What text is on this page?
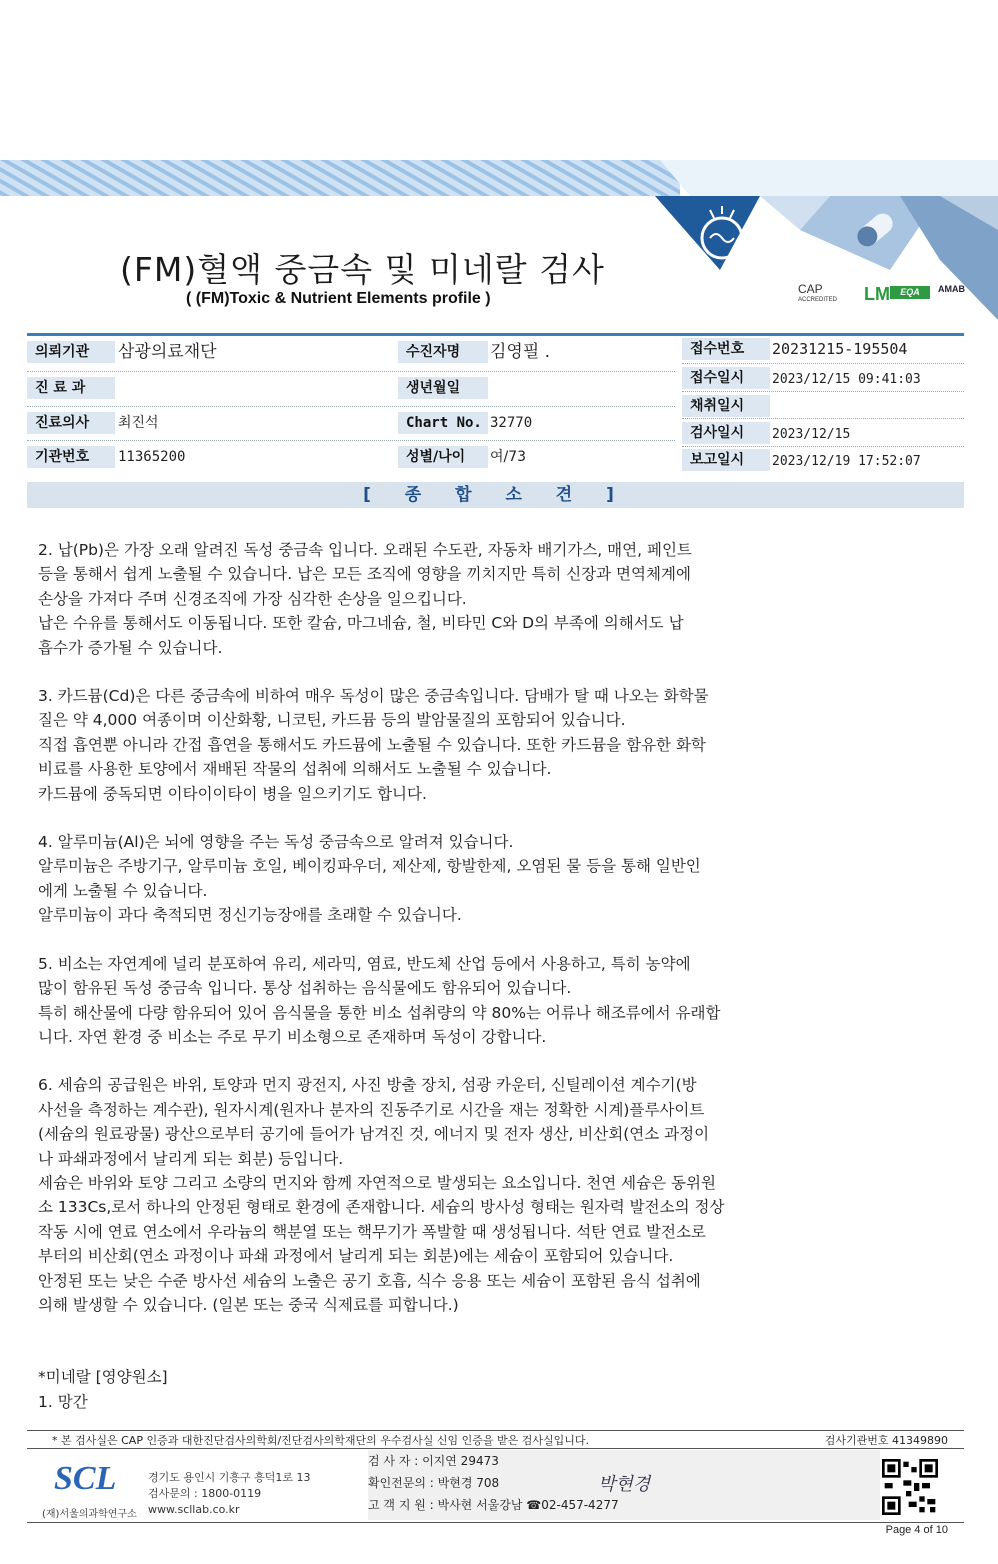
(FM)혈액 중금속 및 미네랄 검사
( (FM)Toxic & Nutrient Elements profile )
CAP
ACCREDITED	LM	EQA	AMAB
의뢰기관	삼광의료재단
진 료 과
진료의사	최진석
기관번호	11365200
수진자명	김영필 .
생년월일
Chart No. 32770
성별/나이	여/73
접수번호	20231215-195504
접수일시	2023/12/15 09:41:03
채취일시
검사일시	2023/12/15
보고일시	2023/12/19 17:52:07
[ 종 합 소 견 ]

2. 납(Pb)은 가장 오래 알려진 독성 중금속 입니다. 오래된 수도관, 자동차 배기가스, 매연, 페인트

등을 통해서 쉽게 노출될 수 있습니다. 납은 모든 조직에 영향을 끼치지만 특히 신장과 면역체계에

손상을 가져다 주며 신경조직에 가장 심각한 손상을 일으킵니다.

납은 수유를 통해서도 이동됩니다. 또한 칼슘, 마그네슘, 철, 비타민 C와 D의 부족에 의해서도 납

흡수가 증가될 수 있습니다.

3. 카드뮴(Cd)은 다른 중금속에 비하여 매우 독성이 많은 중금속입니다. 담배가 탈 때 나오는 화학물

질은 약 4,000 여종이며 이산화황, 니코틴, 카드뮴 등의 발암물질의 포함되어 있습니다.

직접 흡연뿐 아니라 간접 흡연을 통해서도 카드뮴에 노출될 수 있습니다. 또한 카드뮴을 함유한 화학

비료를 사용한 토양에서 재배된 작물의 섭취에 의해서도 노출될 수 있습니다.

카드뮴에 중독되면 이타이이타이 병을 일으키기도 합니다.

4. 알루미늄(Al)은 뇌에 영향을 주는 독성 중금속으로 알려져 있습니다.

알루미늄은 주방기구, 알루미늄 호일, 베이킹파우더, 제산제, 항발한제, 오염된 물 등을 통해 일반인

에게 노출될 수 있습니다.

알루미늄이 과다 축적되면 정신기능장애를 초래할 수 있습니다.

5. 비소는 자연계에 널리 분포하여 유리, 세라믹, 염료, 반도체 산업 등에서 사용하고, 특히 농약에

많이 함유된 독성 중금속 입니다. 통상 섭취하는 음식물에도 함유되어 있습니다.

특히 해산물에 다량 함유되어 있어 음식물을 통한 비소 섭취량의 약 80%는 어류나 해조류에서 유래합

니다. 자연 환경 중 비소는 주로 무기 비소형으로 존재하며 독성이 강합니다.

6. 세슘의 공급원은 바위, 토양과 먼지 광전지, 사진 방출 장치, 섬광 카운터, 신틸레이션 계수기(방

사선을 측정하는 계수관), 원자시계(원자나 분자의 진동주기로 시간을 재는 정확한 시계)플루사이트

(세슘의 원료광물) 광산으로부터 공기에 들어가 남겨진 것, 에너지 및 전자 생산, 비산회(연소 과정이

나 파쇄과정에서 날리게 되는 회분) 등입니다.

세슘은 바위와 토양 그리고 소량의 먼지와 함께 자연적으로 발생되는 요소입니다. 천연 세슘은 동위원

소 133Cs,로서 하나의 안정된 형태로 환경에 존재합니다. 세슘의 방사성 형태는 원자력 발전소의 정상

작동 시에 연료 연소에서 우라늄의 핵분열 또는 핵무기가 폭발할 때 생성됩니다. 석탄 연료 발전소로

부터의 비산회(연소 과정이나 파쇄 과정에서 날리게 되는 회분)에는 세슘이 포함되어 있습니다.

안정된 또는 낮은 수준 방사선 세슘의 노출은 공기 호흡, 식수 응용 또는 세슘이 포함된 음식 섭취에

의해 발생할 수 있습니다. (일본 또는 중국 식제료를 피합니다.)

*미네랄 [영양원소]

1. 망간

* 본 검사실은 CAP 인증과 대한진단검사의학회/진단검사의학재단의 우수검사실 신임 인증을 받은 검사실입니다.	검사기관번호 41349890
SCL
(재)서울의과학연구소
경기도 용인시 기흥구 흥덕1로 13
검사문의 : 1800-0119
www.scllab.co.kr
검 사 자 : 이지연 29473
확인전문의 : 박현경 708
고 객 지 원 : 박사현 서울강남 ☎02-457-4277
박현경
Page 4 of 10
